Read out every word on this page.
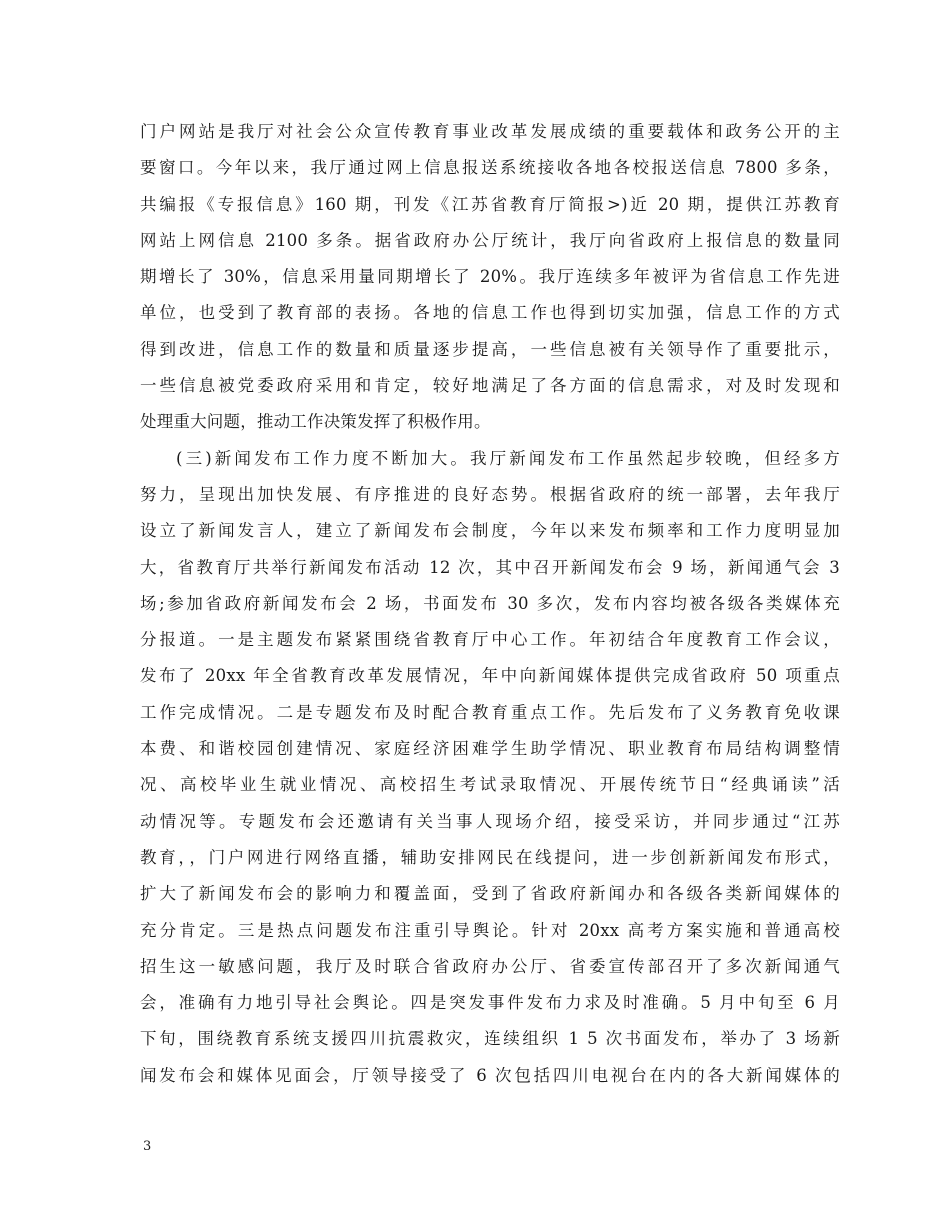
门户网站是我厅对社会公众宣传教育事业改革发展成绩的重要载体和政务公开的主
要窗口。今年以来，我厅通过网上信息报送系统接收各地各校报送信息 7800 多条，
共编报《专报信息》160 期，刊发《江苏省教育厅简报>)近 20 期，提供江苏教育
网站上网信息 2100 多条。据省政府办公厅统计，我厅向省政府上报信息的数量同
期增长了 30%，信息采用量同期增长了 20%。我厅连续多年被评为省信息工作先进
单位，也受到了教育部的表扬。各地的信息工作也得到切实加强，信息工作的方式
得到改进，信息工作的数量和质量逐步提高，一些信息被有关领导作了重要批示，
一些信息被党委政府采用和肯定，较好地满足了各方面的信息需求，对及时发现和
处理重大问题，推动工作决策发挥了积极作用。
(三)新闻发布工作力度不断加大。我厅新闻发布工作虽然起步较晚，但经多方
努力，呈现出加快发展、有序推进的良好态势。根据省政府的统一部署，去年我厅
设立了新闻发言人，建立了新闻发布会制度，今年以来发布频率和工作力度明显加
大，省教育厅共举行新闻发布活动 12 次，其中召开新闻发布会 9 场，新闻通气会 3
场;参加省政府新闻发布会 2 场，书面发布 30 多次，发布内容均被各级各类媒体充
分报道。一是主题发布紧紧围绕省教育厅中心工作。年初结合年度教育工作会议，
发布了 20xx 年全省教育改革发展情况，年中向新闻媒体提供完成省政府 50 项重点
工作完成情况。二是专题发布及时配合教育重点工作。先后发布了义务教育免收课
本费、和谐校园创建情况、家庭经济困难学生助学情况、职业教育布局结构调整情
况、高校毕业生就业情况、高校招生考试录取情况、开展传统节日“经典诵读”活
动情况等。专题发布会还邀请有关当事人现场介绍，接受采访，并同步通过“江苏
教育，，门户网进行网络直播，辅助安排网民在线提问，进一步创新新闻发布形式，
扩大了新闻发布会的影响力和覆盖面，受到了省政府新闻办和各级各类新闻媒体的
充分肯定。三是热点问题发布注重引导舆论。针对 20xx 高考方案实施和普通高校
招生这一敏感问题，我厅及时联合省政府办公厅、省委宣传部召开了多次新闻通气
会，准确有力地引导社会舆论。四是突发事件发布力求及时准确。5 月中旬至 6 月
下旬，围绕教育系统支援四川抗震救灾，连续组织 1 5 次书面发布，举办了 3 场新
闻发布会和媒体见面会，厅领导接受了 6 次包括四川电视台在内的各大新闻媒体的
3
